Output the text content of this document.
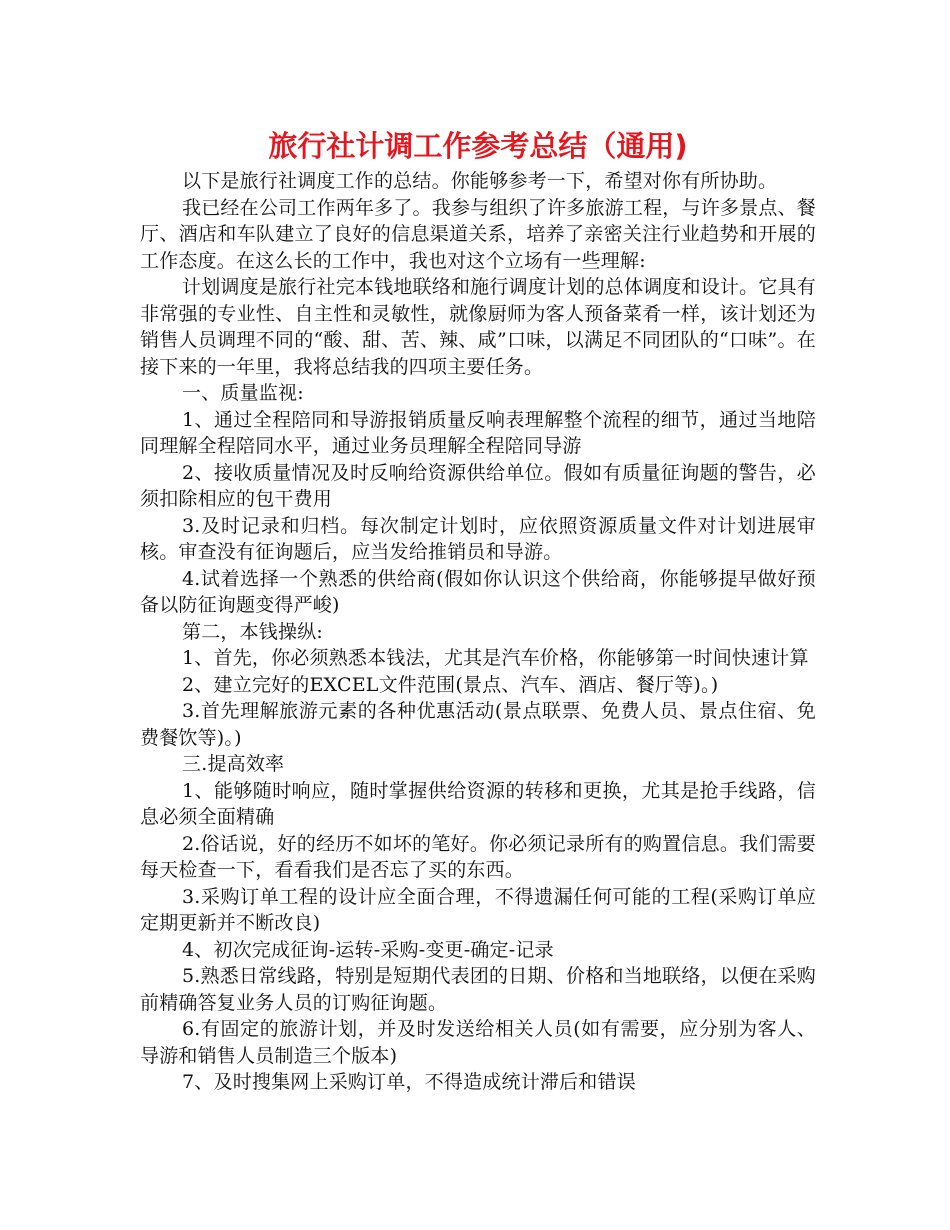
旅行社计调工作参考总结（通用)

以下是旅行社调度工作的总结。你能够参考一下，希望对你有所协助。

我已经在公司工作两年多了。我参与组织了许多旅游工程，与许多景点、餐厅、酒店和车队建立了良好的信息渠道关系，培养了亲密关注行业趋势和开展的工作态度。在这么长的工作中，我也对这个立场有一些理解:

计划调度是旅行社完本钱地联络和施行调度计划的总体调度和设计。它具有非常强的专业性、自主性和灵敏性，就像厨师为客人预备菜肴一样，该计划还为销售人员调理不同的“酸、甜、苦、辣、咸”口味，以满足不同团队的“口味”。在接下来的一年里，我将总结我的四项主要任务。

一、质量监视:

1、通过全程陪同和导游报销质量反响表理解整个流程的细节，通过当地陪同理解全程陪同水平，通过业务员理解全程陪同导游

2、接收质量情况及时反响给资源供给单位。假如有质量征询题的警告，必须扣除相应的包干费用

3.及时记录和归档。每次制定计划时，应依照资源质量文件对计划进展审核。审查没有征询题后，应当发给推销员和导游。

4.试着选择一个熟悉的供给商(假如你认识这个供给商，你能够提早做好预备以防征询题变得严峻)

第二，本钱操纵:

1、首先，你必须熟悉本钱法，尤其是汽车价格，你能够第一时间快速计算

2、建立完好的EXCEL文件范围(景点、汽车、酒店、餐厅等)。)

3.首先理解旅游元素的各种优惠活动(景点联票、免费人员、景点住宿、免费餐饮等)。)

三.提高效率

1、能够随时响应，随时掌握供给资源的转移和更换，尤其是抢手线路，信息必须全面精确

2.俗话说，好的经历不如坏的笔好。你必须记录所有的购置信息。我们需要每天检查一下，看看我们是否忘了买的东西。

3.采购订单工程的设计应全面合理，不得遗漏任何可能的工程(采购订单应定期更新并不断改良)

4、初次完成征询-运转-采购-变更-确定-记录

5.熟悉日常线路，特别是短期代表团的日期、价格和当地联络，以便在采购前精确答复业务人员的订购征询题。

6.有固定的旅游计划，并及时发送给相关人员(如有需要，应分别为客人、导游和销售人员制造三个版本)

7、及时搜集网上采购订单，不得造成统计滞后和错误
